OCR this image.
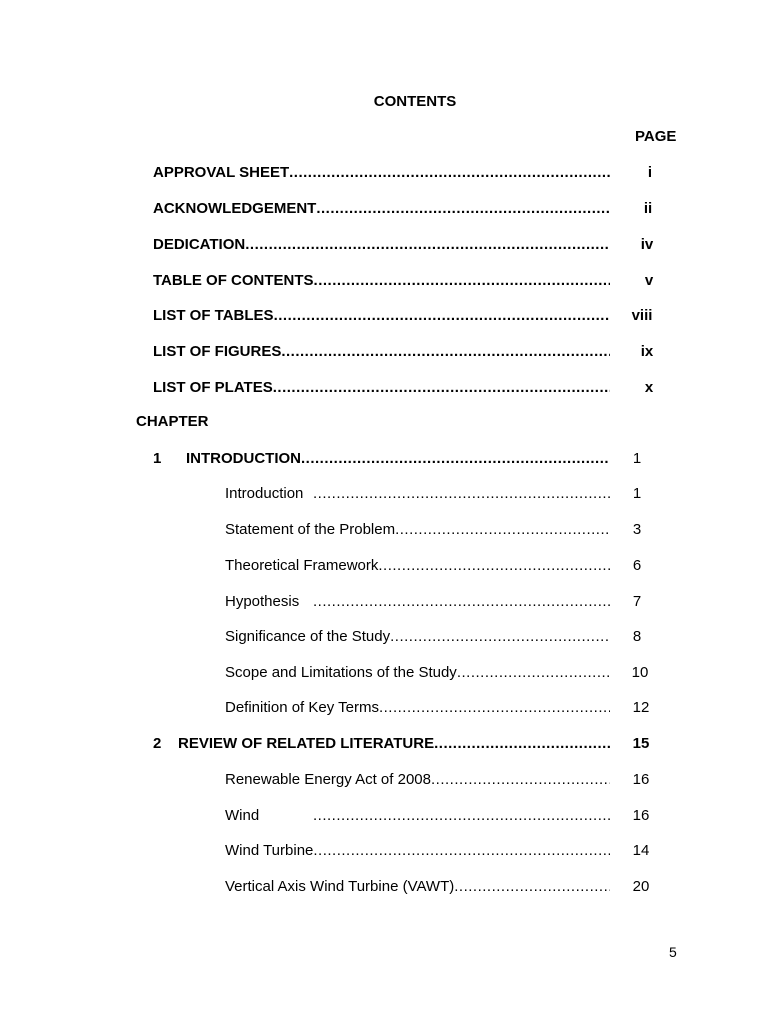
CONTENTS
PAGE
APPROVAL SHEET .....	i
ACKNOWLEDGEMENT .....	ii
DEDICATION .....	iv
TABLE OF CONTENTS .....	v
LIST OF TABLES .....	viii
LIST OF FIGURES .....	ix
LIST OF PLATES .....	x
CHAPTER
1 INTRODUCTION .....	1
Introduction .....	1
Statement of the Problem .....	3
Theoretical Framework .....	6
Hypothesis .....	7
Significance of the Study .....	8
Scope and Limitations of the Study .....	10
Definition of Key Terms .....	12
2 REVIEW OF RELATED LITERATURE .....	15
Renewable Energy Act of 2008 .....	16
Wind .....	16
Wind Turbine .....	14
Vertical Axis Wind Turbine (VAWT) .....	20
5
